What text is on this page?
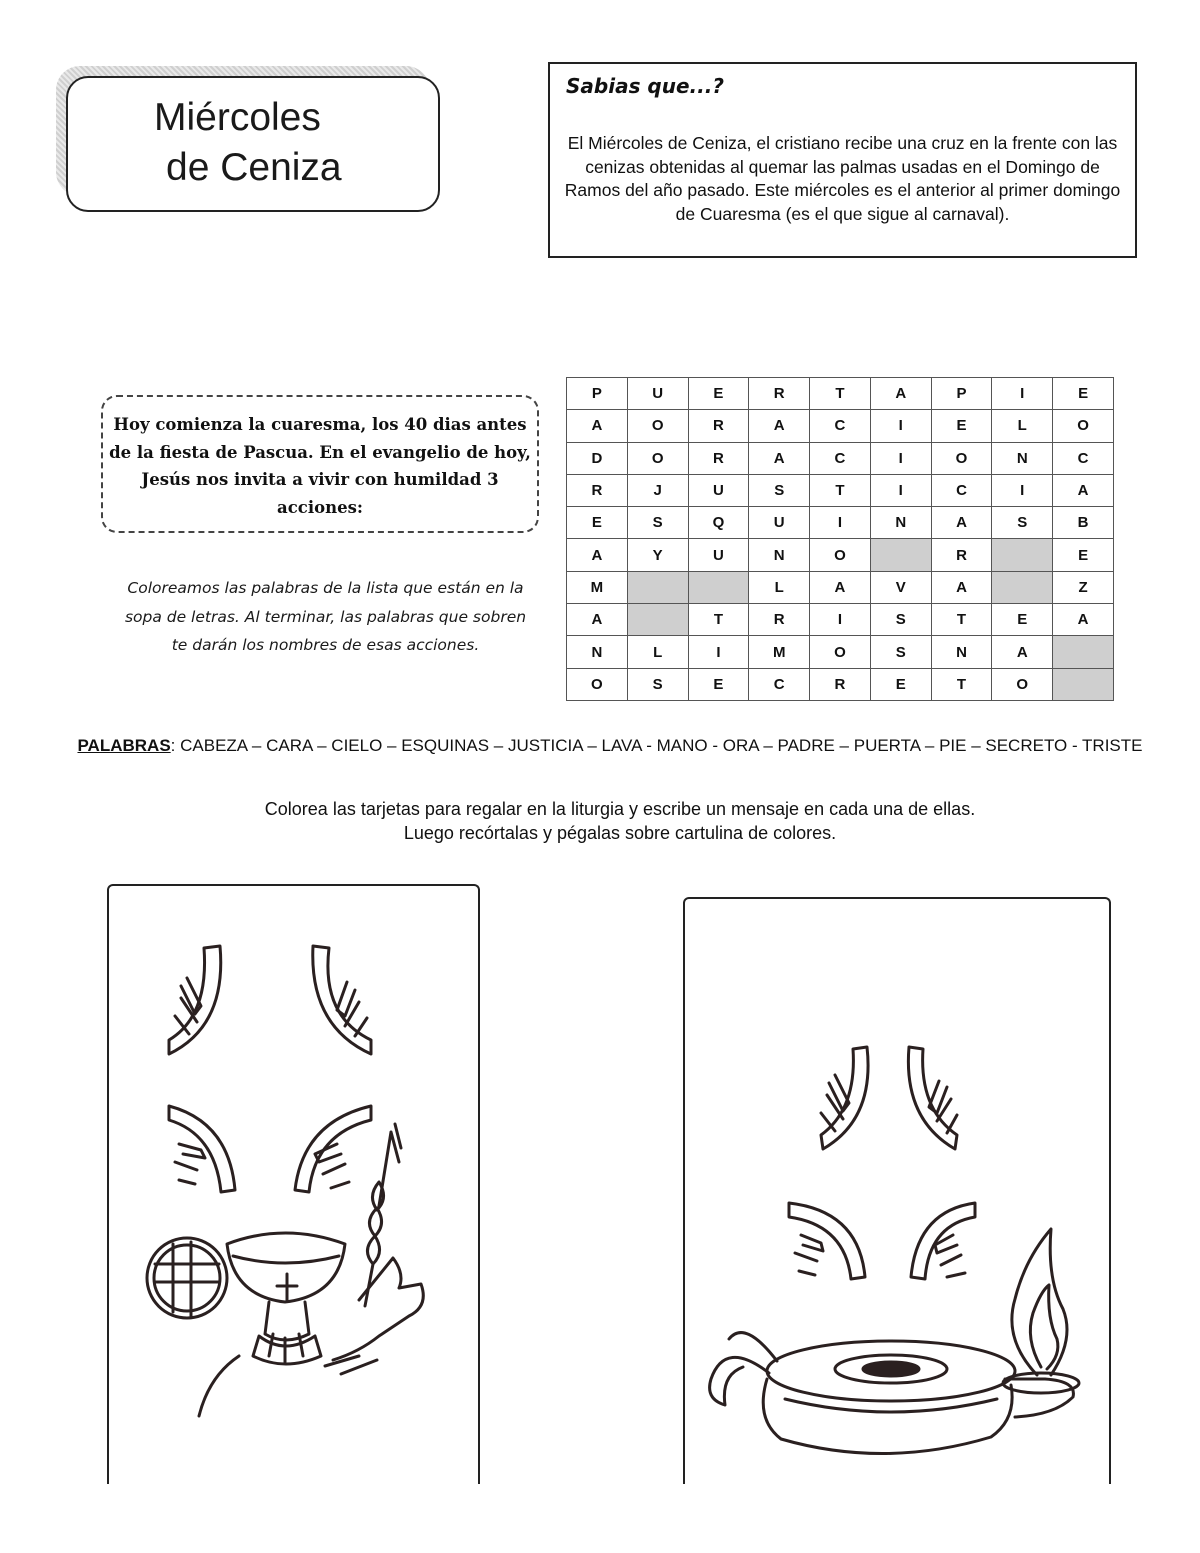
Miércoles
de Ceniza
Sabias que...?
El Miércoles de Ceniza, el cristiano recibe una cruz en la frente con las cenizas obtenidas al quemar las palmas usadas en el Domingo de Ramos del año pasado. Este miércoles es el anterior al primer domingo de Cuaresma (es el que sigue al carnaval).
Hoy comienza la cuaresma, los 40 dias antes de la fiesta de Pascua. En el evangelio de hoy, Jesús nos invita a vivir con humildad 3 acciones:
Coloreamos las palabras de la lista que están en la sopa de letras. Al terminar, las palabras que sobren te darán los nombres de esas acciones.
P	U	E	R	T	A	P	I	E
A	O	R	A	C	I	E	L	O
D	O	R	A	C	I	O	N	C
R	J	U	S	T	I	C	I	A
E	S	Q	U	I	N	A	S	B
A	Y	U	N	O		R		E
M			L	A	V	A		Z
A		T	R	I	S	T	E	A
N	L	I	M	O	S	N	A	
O	S	E	C	R	E	T	O	
PALABRAS: CABEZA – CARA – CIELO – ESQUINAS – JUSTICIA – LAVA - MANO - ORA – PADRE – PUERTA – PIE – SECRETO - TRISTE
Colorea las tarjetas para regalar en la liturgia y escribe un mensaje en cada una de ellas.
Luego recórtalas y pégalas sobre cartulina de colores.
